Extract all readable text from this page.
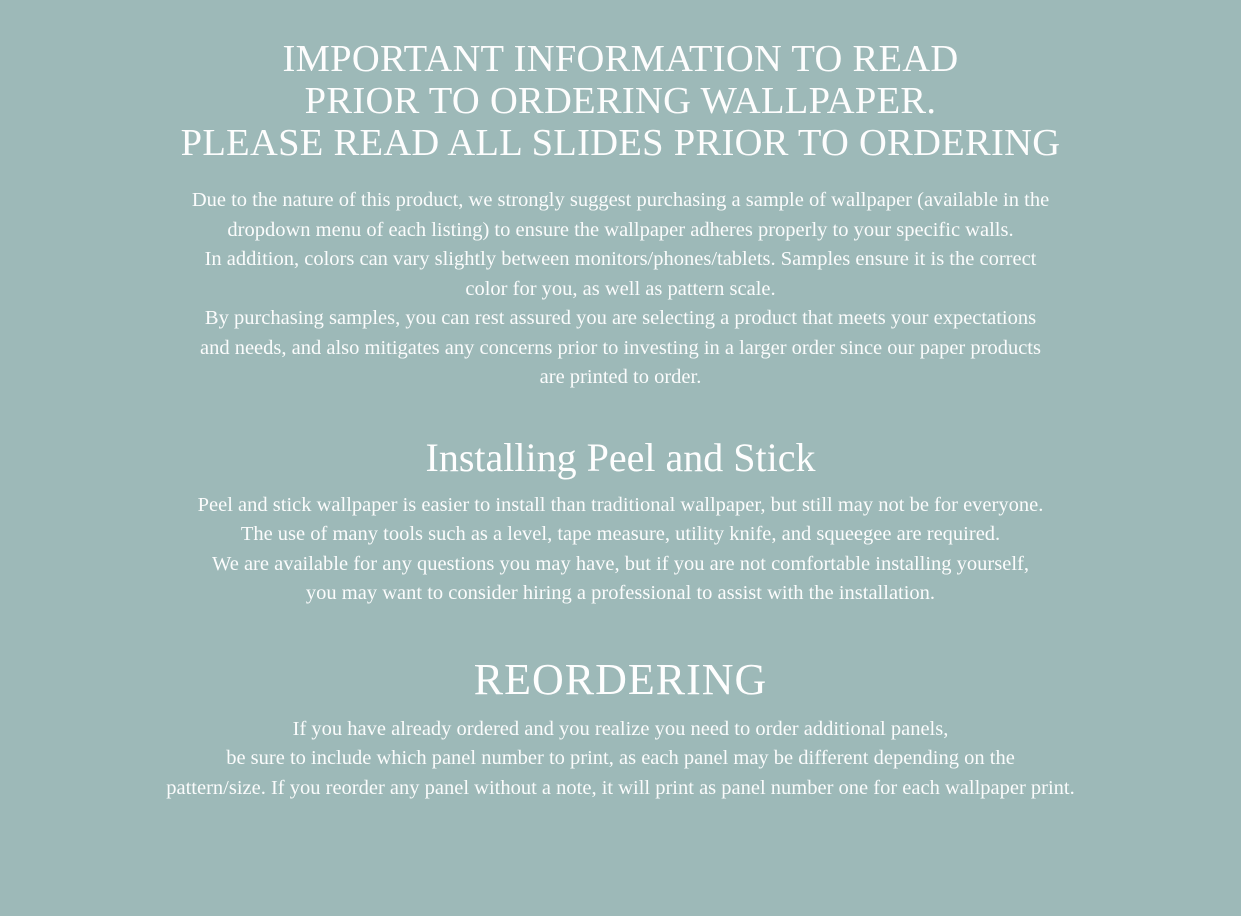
IMPORTANT INFORMATION TO READ
PRIOR TO ORDERING WALLPAPER.
PLEASE READ ALL SLIDES PRIOR TO ORDERING
Due to the nature of this product, we strongly suggest purchasing a sample of wallpaper (available in the
dropdown menu of each listing) to ensure the wallpaper adheres properly to your specific walls.
In addition, colors can vary slightly between monitors/phones/tablets. Samples ensure it is the correct
color for you, as well as pattern scale.
By purchasing samples, you can rest assured you are selecting a product that meets your expectations
and needs, and also mitigates any concerns prior to investing in a larger order since our paper products
are printed to order.
Installing Peel and Stick
Peel and stick wallpaper is easier to install than traditional wallpaper, but still may not be for everyone.
The use of many tools such as a level, tape measure, utility knife, and squeegee are required.
We are available for any questions you may have, but if you are not comfortable installing yourself,
you may want to consider hiring a professional to assist with the installation.
REORDERING
If you have already ordered and you realize you need to order additional panels,
be sure to include which panel number to print, as each panel may be different depending on the
pattern/size. If you reorder any panel without a note, it will print as panel number one for each wallpaper print.
